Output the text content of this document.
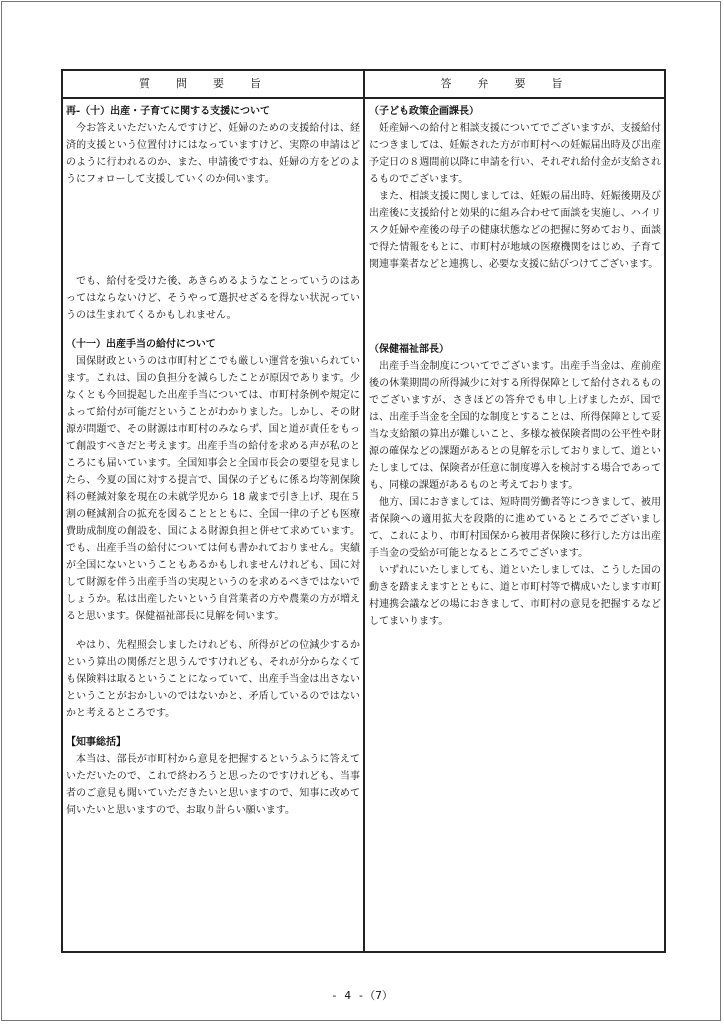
質問要旨	答弁要旨

再-（十）出産・子育てに関する支援について

今お答えいただいたんですけど、妊婦のための支援給付は、経済的支援という位置付けにはなっていますけど、実際の申請はどのように行われるのか、また、申請後ですね、妊婦の方をどのようにフォローして支援していくのか伺います。

でも、給付を受けた後、あきらめるようなことっていうのはあってはならないけど、そうやって選択せざるを得ない状況っていうのは生まれてくるかもしれません。

（十一）出産手当の給付について

国保財政というのは市町村どこでも厳しい運営を強いられています。これは、国の負担分を減らしたことが原因であります。少なくとも今回提起した出産手当については、市町村条例や規定によって給付が可能だということがわかりました。しかし、その財源が問題で、その財源は市町村のみならず、国と道が責任をもって創設すべきだと考えます。出産手当の給付を求める声が私のところにも届いています。全国知事会と全国市長会の要望を見ましたら、今夏の国に対する提言で、国保の子どもに係る均等割保険料の軽減対象を現在の未就学児から 18 歳まで引き上げ、現在５割の軽減割合の拡充を図ることとともに、全国一律の子ども医療費助成制度の創設を、国による財源負担と併せて求めています。でも、出産手当の給付については何も書かれておりません。実績が全国にないということもあるかもしれませんけれども、国に対して財源を伴う出産手当の実現というのを求めるべきではないでしょうか。私は出産したいという自営業者の方や農業の方が増えると思います。保健福祉部長に見解を伺います。

やはり、先程照会しましたけれども、所得がどの位減少するかという算出の関係だと思うんですけれども、それが分からなくても保険料は取るということになっていて、出産手当金は出さないということがおかしいのではないかと、矛盾しているのではないかと考えるところです。

【知事総括】

本当は、部長が市町村から意見を把握するというふうに答えていただいたので、これで終わろうと思ったのですけれども、当事者のご意見も聞いていただきたいと思いますので、知事に改めて伺いたいと思いますので、お取り計らい願います。

（子ども政策企画課長）

妊産婦への給付と相談支援についてでございますが、支援給付につきましては、妊娠された方が市町村への妊娠届出時及び出産予定日の８週間前以降に申請を行い、それぞれ給付金が支給されるものでございます。

また、相談支援に関しましては、妊娠の届出時、妊娠後期及び出産後に支援給付と効果的に組み合わせて面談を実施し、ハイリスク妊婦や産後の母子の健康状態などの把握に努めており、面談で得た情報をもとに、市町村が地域の医療機関をはじめ、子育て関連事業者などと連携し、必要な支援に結びつけてございます。

（保健福祉部長）

出産手当金制度についてでございます。出産手当金は、産前産後の休業期間の所得減少に対する所得保障として給付されるものでございますが、さきほどの答弁でも申し上げましたが、国では、出産手当金を全国的な制度とすることは、所得保障として妥当な支給額の算出が難しいこと、多様な被保険者間の公平性や財源の確保などの課題があるとの見解を示しておりまして、道といたしましては、保険者が任意に制度導入を検討する場合であっても、同様の課題があるものと考えております。

他方、国におきましては、短時間労働者等につきまして、被用者保険への適用拡大を段階的に進めているところでございまして、これにより、市町村国保から被用者保険に移行した方は出産手当金の受給が可能となるところでございます。

いずれにいたしましても、道といたしましては、こうした国の動きを踏まえますとともに、道と市町村等で構成いたします市町村連携会議などの場におきまして、市町村の意見を把握するなどしてまいります。

- 4 -（7）
